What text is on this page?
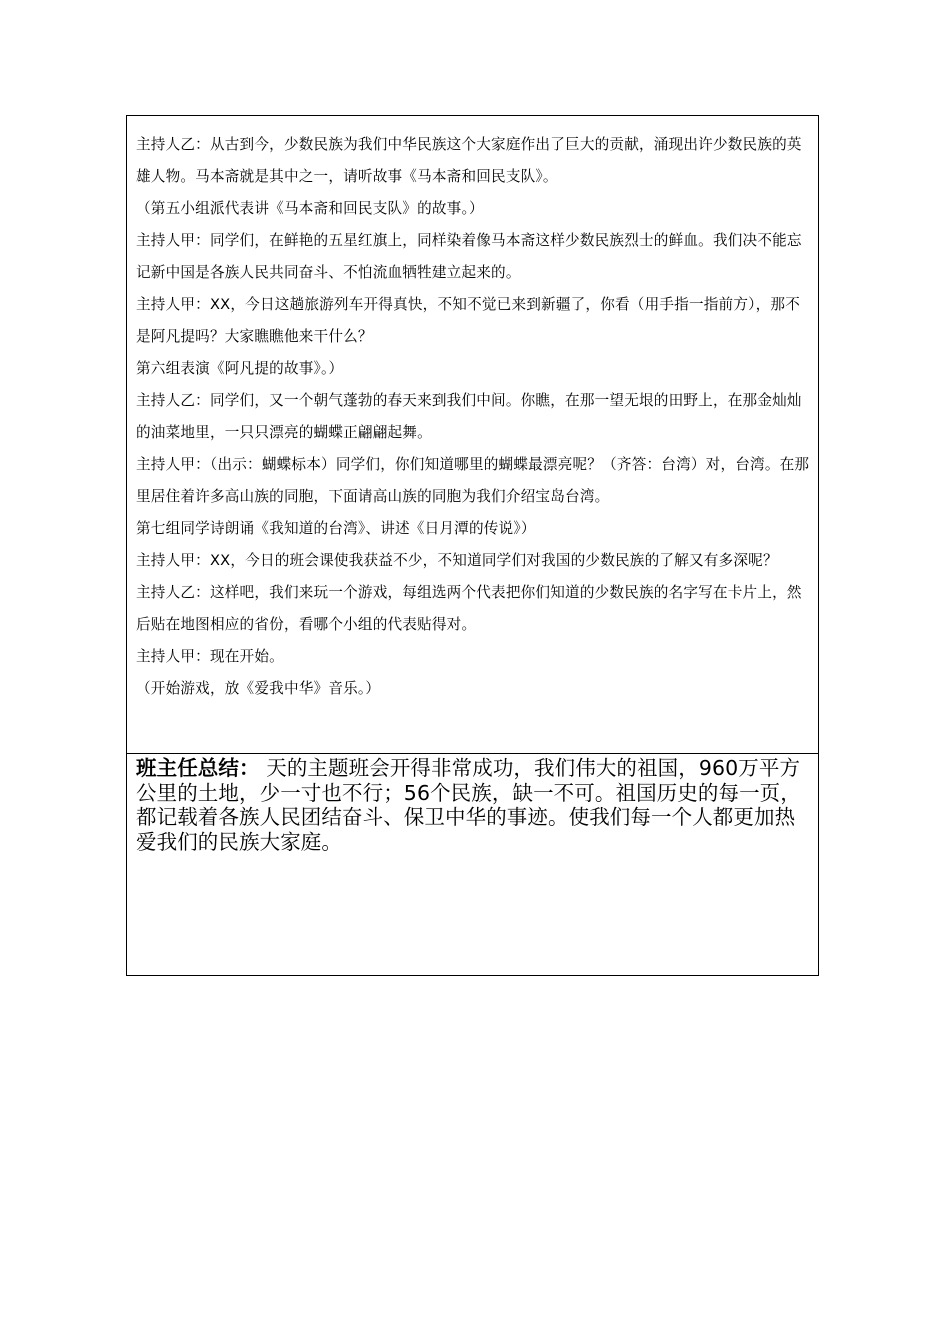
主持人乙：从古到今，少数民族为我们中华民族这个大家庭作出了巨大的贡献，涌现出许少数民族的英雄人物。马本斋就是其中之一，请听故事《马本斋和回民支队》。

（第五小组派代表讲《马本斋和回民支队》的故事。）

主持人甲：同学们，在鲜艳的五星红旗上，同样染着像马本斋这样少数民族烈士的鲜血。我们决不能忘记新中国是各族人民共同奋斗、不怕流血牺牲建立起来的。

主持人甲：XX，今日这趟旅游列车开得真快，不知不觉已来到新疆了，你看（用手指一指前方），那不是阿凡提吗？大家瞧瞧他来干什么？

第六组表演《阿凡提的故事》。）

主持人乙：同学们，又一个朝气蓬勃的春天来到我们中间。你瞧，在那一望无垠的田野上，在那金灿灿的油菜地里，一只只漂亮的蝴蝶正翩翩起舞。

主持人甲：（出示：蝴蝶标本）同学们，你们知道哪里的蝴蝶最漂亮呢？（齐答：台湾）对，台湾。在那里居住着许多高山族的同胞，下面请高山族的同胞为我们介绍宝岛台湾。

第七组同学诗朗诵《我知道的台湾》、讲述《日月潭的传说》）

主持人甲：XX，今日的班会课使我获益不少，不知道同学们对我国的少数民族的了解又有多深呢？

主持人乙：这样吧，我们来玩一个游戏，每组选两个代表把你们知道的少数民族的名字写在卡片上，然后贴在地图相应的省份，看哪个小组的代表贴得对。

主持人甲：现在开始。

（开始游戏，放《爱我中华》音乐。）

班主任总结： 天的主题班会开得非常成功，我们伟大的祖国，960万平方公里的土地，少一寸也不行；56个民族，缺一不可。祖国历史的每一页，都记载着各族人民团结奋斗、保卫中华的事迹。使我们每一个人都更加热爱我们的民族大家庭。
